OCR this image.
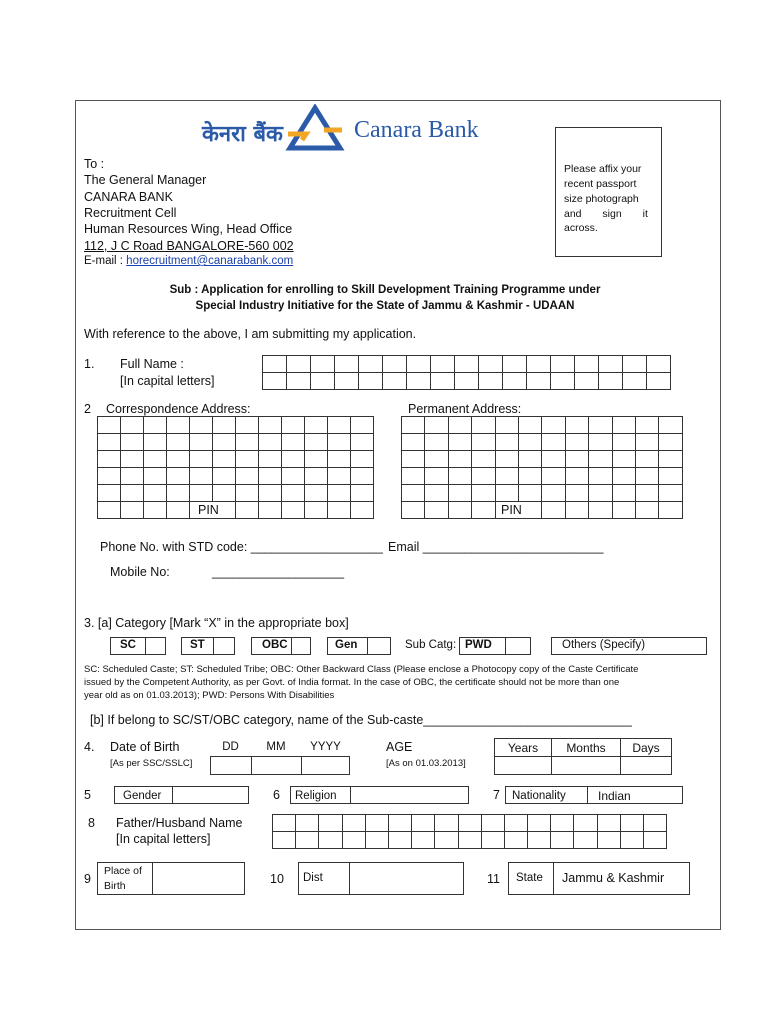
केनरा बैंक	Canara Bank
Please affix your
recent passport
size photograph
and sign it
across.
To :
The General Manager
CANARA BANK
Recruitment Cell
Human Resources Wing, Head Office
112, J C Road BANGALORE-560 002
E-mail : horecruitment@canarabank.com
Sub : Application for enrolling to Skill Development Training Programme under
Special Industry Initiative for the State of Jammu & Kashmir - UDAAN
With reference to the above, I am submitting my application.
1. Full Name :
[In capital letters]
2 Correspondence Address:	Permanent Address:
PIN	PIN
Phone No. with STD code: ___________________ Email __________________________
Mobile No:	___________________
3. [a] Category [Mark “X” in the appropriate box]
SC	ST	OBC	Gen	Sub Catg: PWD	Others (Specify)
SC: Scheduled Caste; ST: Scheduled Tribe; OBC: Other Backward Class (Please enclose a Photocopy copy of the Caste Certificate
issued by the Competent Authority, as per Govt. of India format. In the case of OBC, the certificate should not be more than one
year old as on 01.03.2013); PWD: Persons With Disabilities
[b] If belong to SC/ST/OBC category, name of the Sub-caste______________________________
4. Date of Birth
[As per SSC/SSLC]
DD	MM	YYYY	AGE
[As on 01.03.2013]
Years	Months	Days
5	Gender	6	Religion	7	Nationality	Indian
8 Father/Husband Name
[In capital letters]
9
Place of
Birth	10	Dist	11	State	Jammu & Kashmir
